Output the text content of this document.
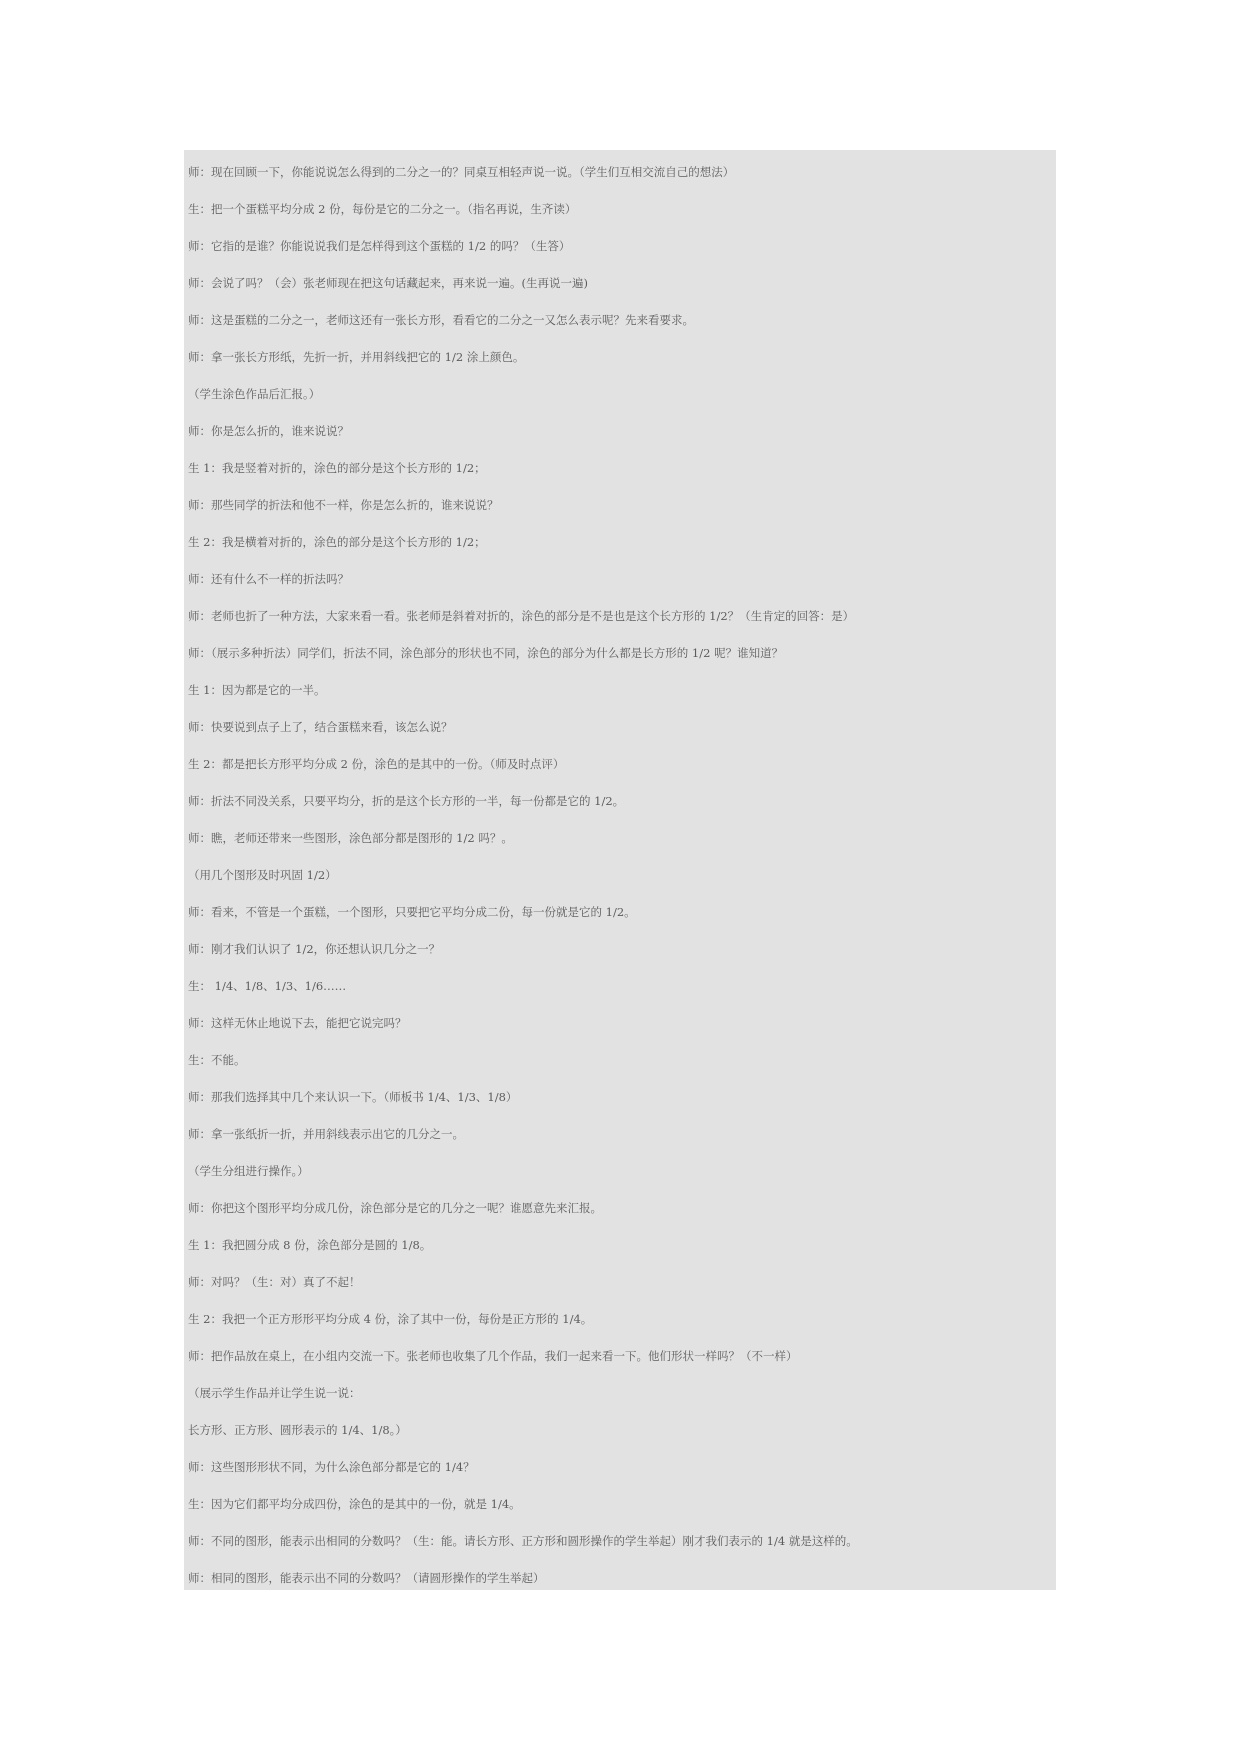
师：现在回顾一下，你能说说怎么得到的二分之一的？同桌互相轻声说一说。（学生们互相交流自己的想法）
生：把一个蛋糕平均分成 2 份，每份是它的二分之一。（指名再说，生齐读）
师：它指的是谁？你能说说我们是怎样得到这个蛋糕的 1/2 的吗？（生答）
师：会说了吗？（会）张老师现在把这句话藏起来，再来说一遍。(生再说一遍)
师：这是蛋糕的二分之一，老师这还有一张长方形，看看它的二分之一又怎么表示呢？先来看要求。
师：拿一张长方形纸，先折一折，并用斜线把它的 1/2 涂上颜色。
（学生涂色作品后汇报。）
师：你是怎么折的，谁来说说？
生 1：我是竖着对折的，涂色的部分是这个长方形的 1/2；
师：那些同学的折法和他不一样，你是怎么折的，谁来说说？
生 2：我是横着对折的，涂色的部分是这个长方形的 1/2；
师：还有什么不一样的折法吗？
师：老师也折了一种方法，大家来看一看。张老师是斜着对折的，涂色的部分是不是也是这个长方形的 1/2？（生肯定的回答：是）
师：（展示多种折法）同学们，折法不同，涂色部分的形状也不同，涂色的部分为什么都是长方形的 1/2 呢？谁知道？
生 1：因为都是它的一半。
师：快要说到点子上了，结合蛋糕来看，该怎么说？
生 2：都是把长方形平均分成 2 份，涂色的是其中的一份。（师及时点评）
师：折法不同没关系，只要平均分，折的是这个长方形的一半，每一份都是它的 1/2。
师：瞧，老师还带来一些图形，涂色部分都是图形的 1/2 吗？。
（用几个图形及时巩固 1/2）
师：看来，不管是一个蛋糕，一个图形，只要把它平均分成二份，每一份就是它的 1/2。
师：刚才我们认识了 1/2，你还想认识几分之一？
生： 1/4、1/8、1/3、1/6……
师：这样无休止地说下去，能把它说完吗？
生：不能。
师：那我们选择其中几个来认识一下。（师板书 1/4、1/3、1/8）
师：拿一张纸折一折，并用斜线表示出它的几分之一。
（学生分组进行操作。）
师：你把这个图形平均分成几份，涂色部分是它的几分之一呢？谁愿意先来汇报。
生 1：我把圆分成 8 份，涂色部分是圆的 1/8。
师：对吗？（生：对）真了不起！
生 2：我把一个正方形形平均分成 4 份，涂了其中一份，每份是正方形的 1/4。
师：把作品放在桌上，在小组内交流一下。张老师也收集了几个作品，我们一起来看一下。他们形状一样吗？（不一样）
（展示学生作品并让学生说一说：
长方形、正方形、圆形表示的 1/4、1/8。）
师：这些图形形状不同，为什么涂色部分都是它的 1/4？
生：因为它们都平均分成四份，涂色的是其中的一份，就是 1/4。
师：不同的图形，能表示出相同的分数吗？（生：能。请长方形、正方形和圆形操作的学生举起）刚才我们表示的 1/4 就是这样的。
师：相同的图形，能表示出不同的分数吗？（请圆形操作的学生举起）
